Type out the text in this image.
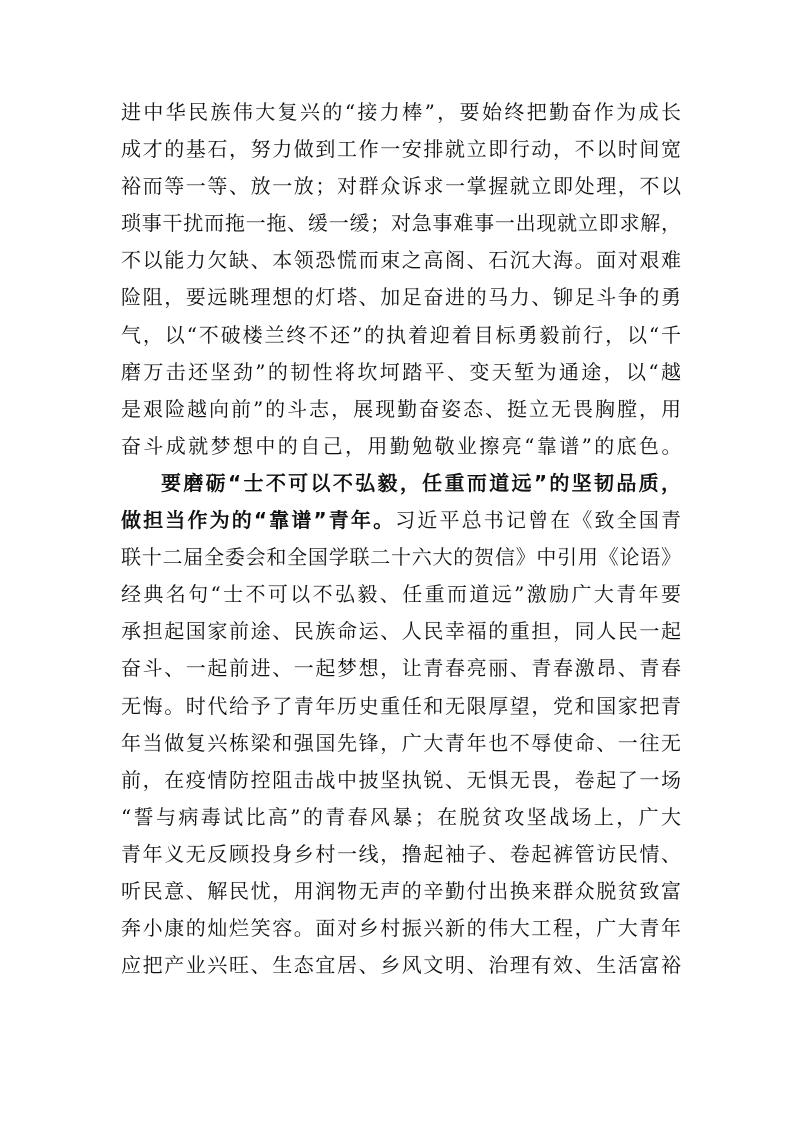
进中华民族伟大复兴的“接力棒”，要始终把勤奋作为成长
成才的基石，努力做到工作一安排就立即行动，不以时间宽
裕而等一等、放一放；对群众诉求一掌握就立即处理，不以
琐事干扰而拖一拖、缓一缓；对急事难事一出现就立即求解，
不以能力欠缺、本领恐慌而束之高阁、石沉大海。面对艰难
险阻，要远眺理想的灯塔、加足奋进的马力、铆足斗争的勇
气，以“不破楼兰终不还”的执着迎着目标勇毅前行，以“千
磨万击还坚劲”的韧性将坎坷踏平、变天堑为通途，以“越
是艰险越向前”的斗志，展现勤奋姿态、挺立无畏胸膛，用
奋斗成就梦想中的自己，用勤勉敬业擦亮“靠谱”的底色。
要磨砺“士不可以不弘毅，任重而道远”的坚韧品质，
做担当作为的“靠谱”青年。习近平总书记曾在《致全国青
联十二届全委会和全国学联二十六大的贺信》中引用《论语》
经典名句“士不可以不弘毅、任重而道远”激励广大青年要
承担起国家前途、民族命运、人民幸福的重担，同人民一起
奋斗、一起前进、一起梦想，让青春亮丽、青春激昂、青春
无悔。时代给予了青年历史重任和无限厚望，党和国家把青
年当做复兴栋梁和强国先锋，广大青年也不辱使命、一往无
前，在疫情防控阻击战中披坚执锐、无惧无畏，卷起了一场
“誓与病毒试比高”的青春风暴；在脱贫攻坚战场上，广大
青年义无反顾投身乡村一线，撸起袖子、卷起裤管访民情、
听民意、解民忧，用润物无声的辛勤付出换来群众脱贫致富
奔小康的灿烂笑容。面对乡村振兴新的伟大工程，广大青年
应把产业兴旺、生态宜居、乡风文明、治理有效、生活富裕
